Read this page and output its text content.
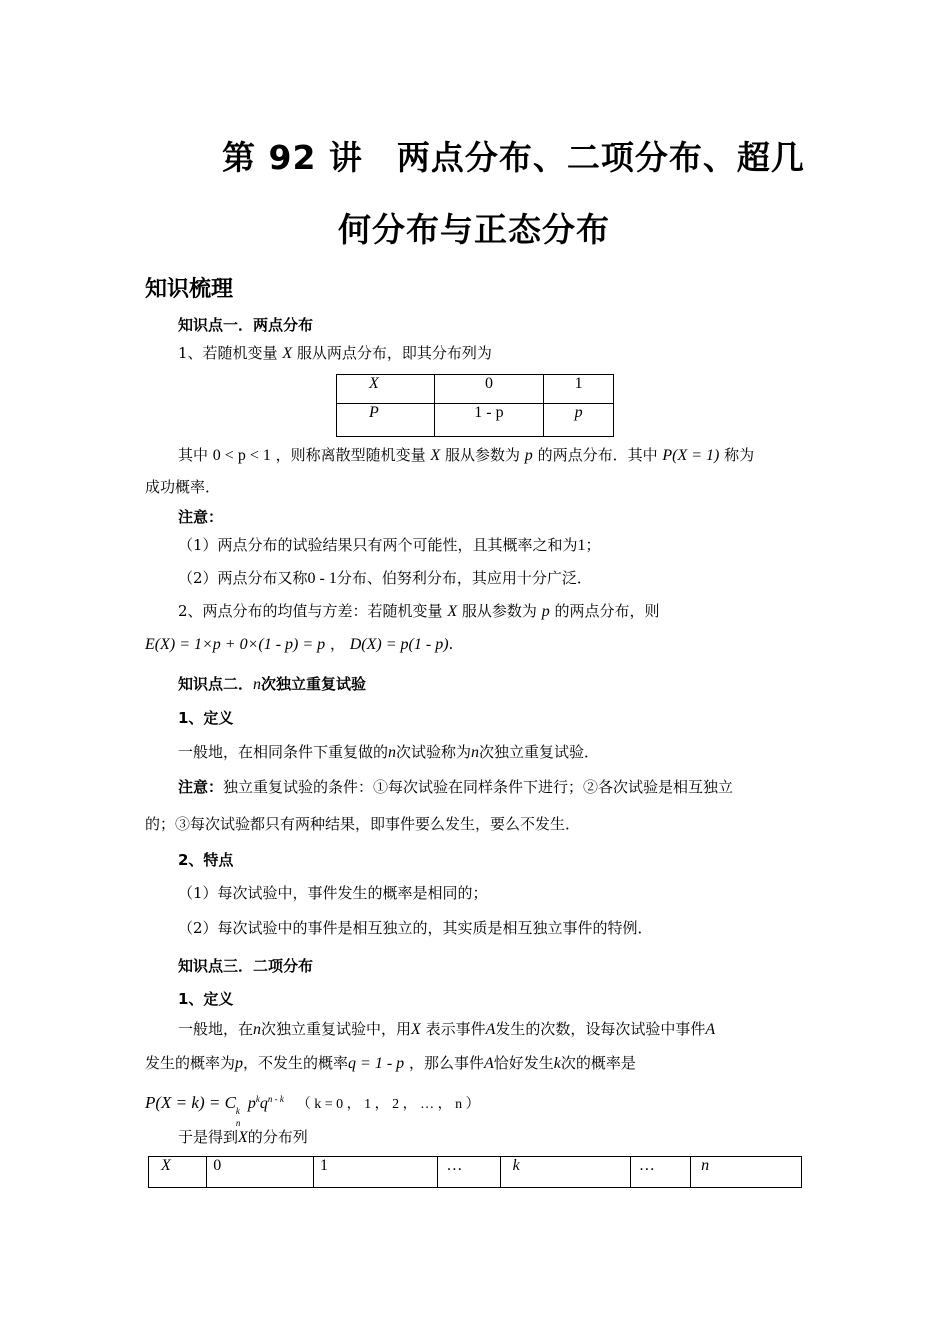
第 92 讲　两点分布、二项分布、超几
何分布与正态分布
知识梳理
知识点一．两点分布
1、若随机变量 X 服从两点分布，即其分布列为
X	0	1
P	1 - p	p
其中 0 < p < 1 ，则称离散型随机变量 X 服从参数为 p 的两点分布．其中 P(X = 1) 称为
成功概率．
注意：
（1）两点分布的试验结果只有两个可能性，且其概率之和为1；
（2）两点分布又称0 - 1分布、伯努利分布，其应用十分广泛．
2、两点分布的均值与方差：若随机变量 X 服从参数为 p 的两点分布，则
E(X) = 1×p + 0×(1 - p) = p ， D(X) = p(1 - p).
知识点二．n次独立重复试验
1、定义
一般地，在相同条件下重复做的n次试验称为n次独立重复试验．
注意：独立重复试验的条件：①每次试验在同样条件下进行；②各次试验是相互独立
的；③每次试验都只有两种结果，即事件要么发生，要么不发生．
2、特点
（1）每次试验中，事件发生的概率是相同的；
（2）每次试验中的事件是相互独立的，其实质是相互独立事件的特例．
知识点三．二项分布
1、定义
一般地，在n次独立重复试验中，用X 表示事件A发生的次数，设每次试验中事件A
发生的概率为p，不发生的概率q = 1 - p ，那么事件A恰好发生k次的概率是
P(X = k) = C k
n
$p^kq^{n - k}$ （ k = 0 ， 1 ， 2 ， … ， n ）
于是得到X的分布列
X	0	1	…	k	…	n
